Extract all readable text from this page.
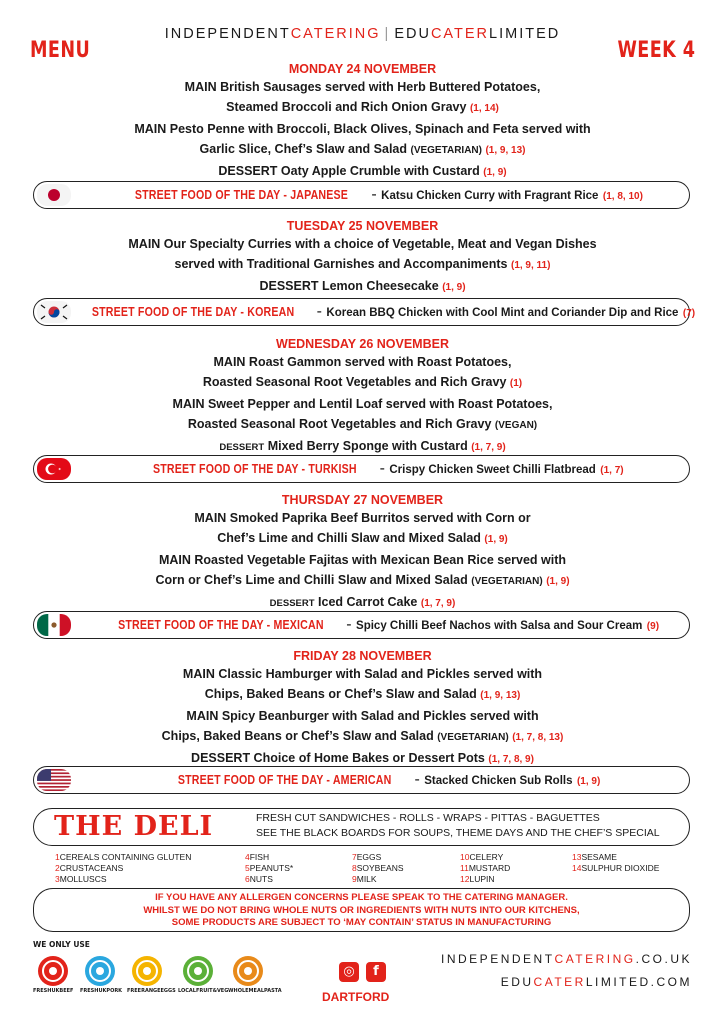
MENU
INDEPENDENTCATERING | EDUCATERLIMITED
WEEK 4
MONDAY 24 NOVEMBER
MAIN British Sausages served with Herb Buttered Potatoes,
Steamed Broccoli and Rich Onion Gravy (1, 14)
MAIN Pesto Penne with Broccoli, Black Olives, Spinach and Feta served with
Garlic Slice, Chef’s Slaw and Salad (VEGETARIAN) (1, 9, 13)
DESSERT Oaty Apple Crumble with Custard (1, 9)
STREET FOOD OF THE DAY - JAPANESE - Katsu Chicken Curry with Fragrant Rice (1, 8, 10)
TUESDAY 25 NOVEMBER
MAIN Our Specialty Curries with a choice of Vegetable, Meat and Vegan Dishes
served with Traditional Garnishes and Accompaniments (1, 9, 11)
DESSERT Lemon Cheesecake (1, 9)
STREET FOOD OF THE DAY - KOREAN - Korean BBQ Chicken with Cool Mint and Coriander Dip and Rice (7)
WEDNESDAY 26 NOVEMBER
MAIN Roast Gammon served with Roast Potatoes,
Roasted Seasonal Root Vegetables and Rich Gravy (1)
MAIN Sweet Pepper and Lentil Loaf served with Roast Potatoes,
Roasted Seasonal Root Vegetables and Rich Gravy (VEGAN)
DESSERT Mixed Berry Sponge with Custard (1, 7, 9)
STREET FOOD OF THE DAY - TURKISH - Crispy Chicken Sweet Chilli Flatbread (1, 7)
THURSDAY 27 NOVEMBER
MAIN Smoked Paprika Beef Burritos served with Corn or
Chef’s Lime and Chilli Slaw and Mixed Salad (1, 9)
MAIN Roasted Vegetable Fajitas with Mexican Bean Rice served with
Corn or Chef’s Lime and Chilli Slaw and Mixed Salad (VEGETARIAN) (1, 9)
DESSERT Iced Carrot Cake (1, 7, 9)
STREET FOOD OF THE DAY - MEXICAN - Spicy Chilli Beef Nachos with Salsa and Sour Cream (9)
FRIDAY 28 NOVEMBER
MAIN Classic Hamburger with Salad and Pickles served with
Chips, Baked Beans or Chef’s Slaw and Salad (1, 9, 13)
MAIN Spicy Beanburger with Salad and Pickles served with
Chips, Baked Beans or Chef’s Slaw and Salad (VEGETARIAN) (1, 7, 8, 13)
DESSERT Choice of Home Bakes or Dessert Pots (1, 7, 8, 9)
STREET FOOD OF THE DAY - AMERICAN - Stacked Chicken Sub Rolls (1, 9)
THE DELI	FRESH CUT SANDWICHES - ROLLS - WRAPS - PITTAS - BAGUETTES
SEE THE BLACK BOARDS FOR SOUPS, THEME DAYS AND THE CHEF’S SPECIAL
1CEREALS CONTAINING GLUTEN
2CRUSTACEANS
3MOLLUSCS
4FISH
5PEANUTS*
6NUTS
7EGGS
8SOYBEANS
9MILK
10CELERY
11MUSTARD
12LUPIN
13SESAME
14SULPHUR DIOXIDE
IF YOU HAVE ANY ALLERGEN CONCERNS PLEASE SPEAK TO THE CATERING MANAGER.
WHILST WE DO NOT BRING WHOLE NUTS OR INGREDIENTS WITH NUTS INTO OUR KITCHENS,
SOME PRODUCTS ARE SUBJECT TO ‘MAY CONTAIN’ STATUS IN MANUFACTURING
WE ONLY USE
FRESHUKBEEF FRESHUKPORK FREERANGEEGGS LOCALFRUIT&VEG WHOLEMEALPASTA
◎	f
DARTFORD
INDEPENDENTCATERING.CO.UK
EDUCATERLIMITED.COM
